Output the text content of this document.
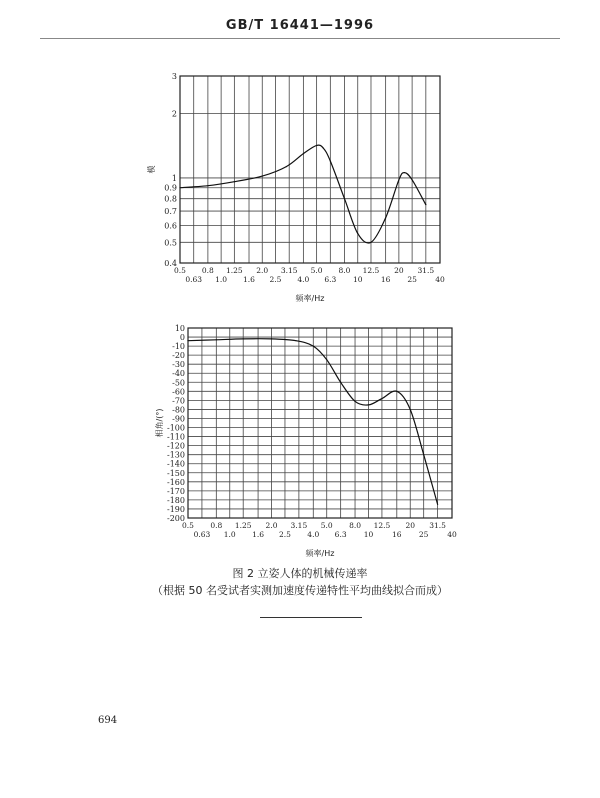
GB/T 16441—1996
3
2
1
0.9
0.8
0.7
0.6
0.5
0.4
0.5 0.8 1.25 2.0 3.15 5.0 8.0 12.5 20 31.5
0.63 1.0 1.6 2.5 4.0 6.3 10 16 25 40
频率/Hz
模
10
0
-10
-20
-30
-40
-50
-60
-70
-80
-90
-100
-110
-120
-130
-140
-150
-160
-170
-180
-190
-200
0.5 0.8 1.25 2.0 3.15 5.0 8.0 12.5 20 31.5
0.63 1.0 1.6 2.5 4.0 6.3 10	16 25	40
频率/Hz
相角/(°)
图 2 立姿人体的机械传递率
（根据 50 名受试者实测加速度传递特性平均曲线拟合而成）
694
